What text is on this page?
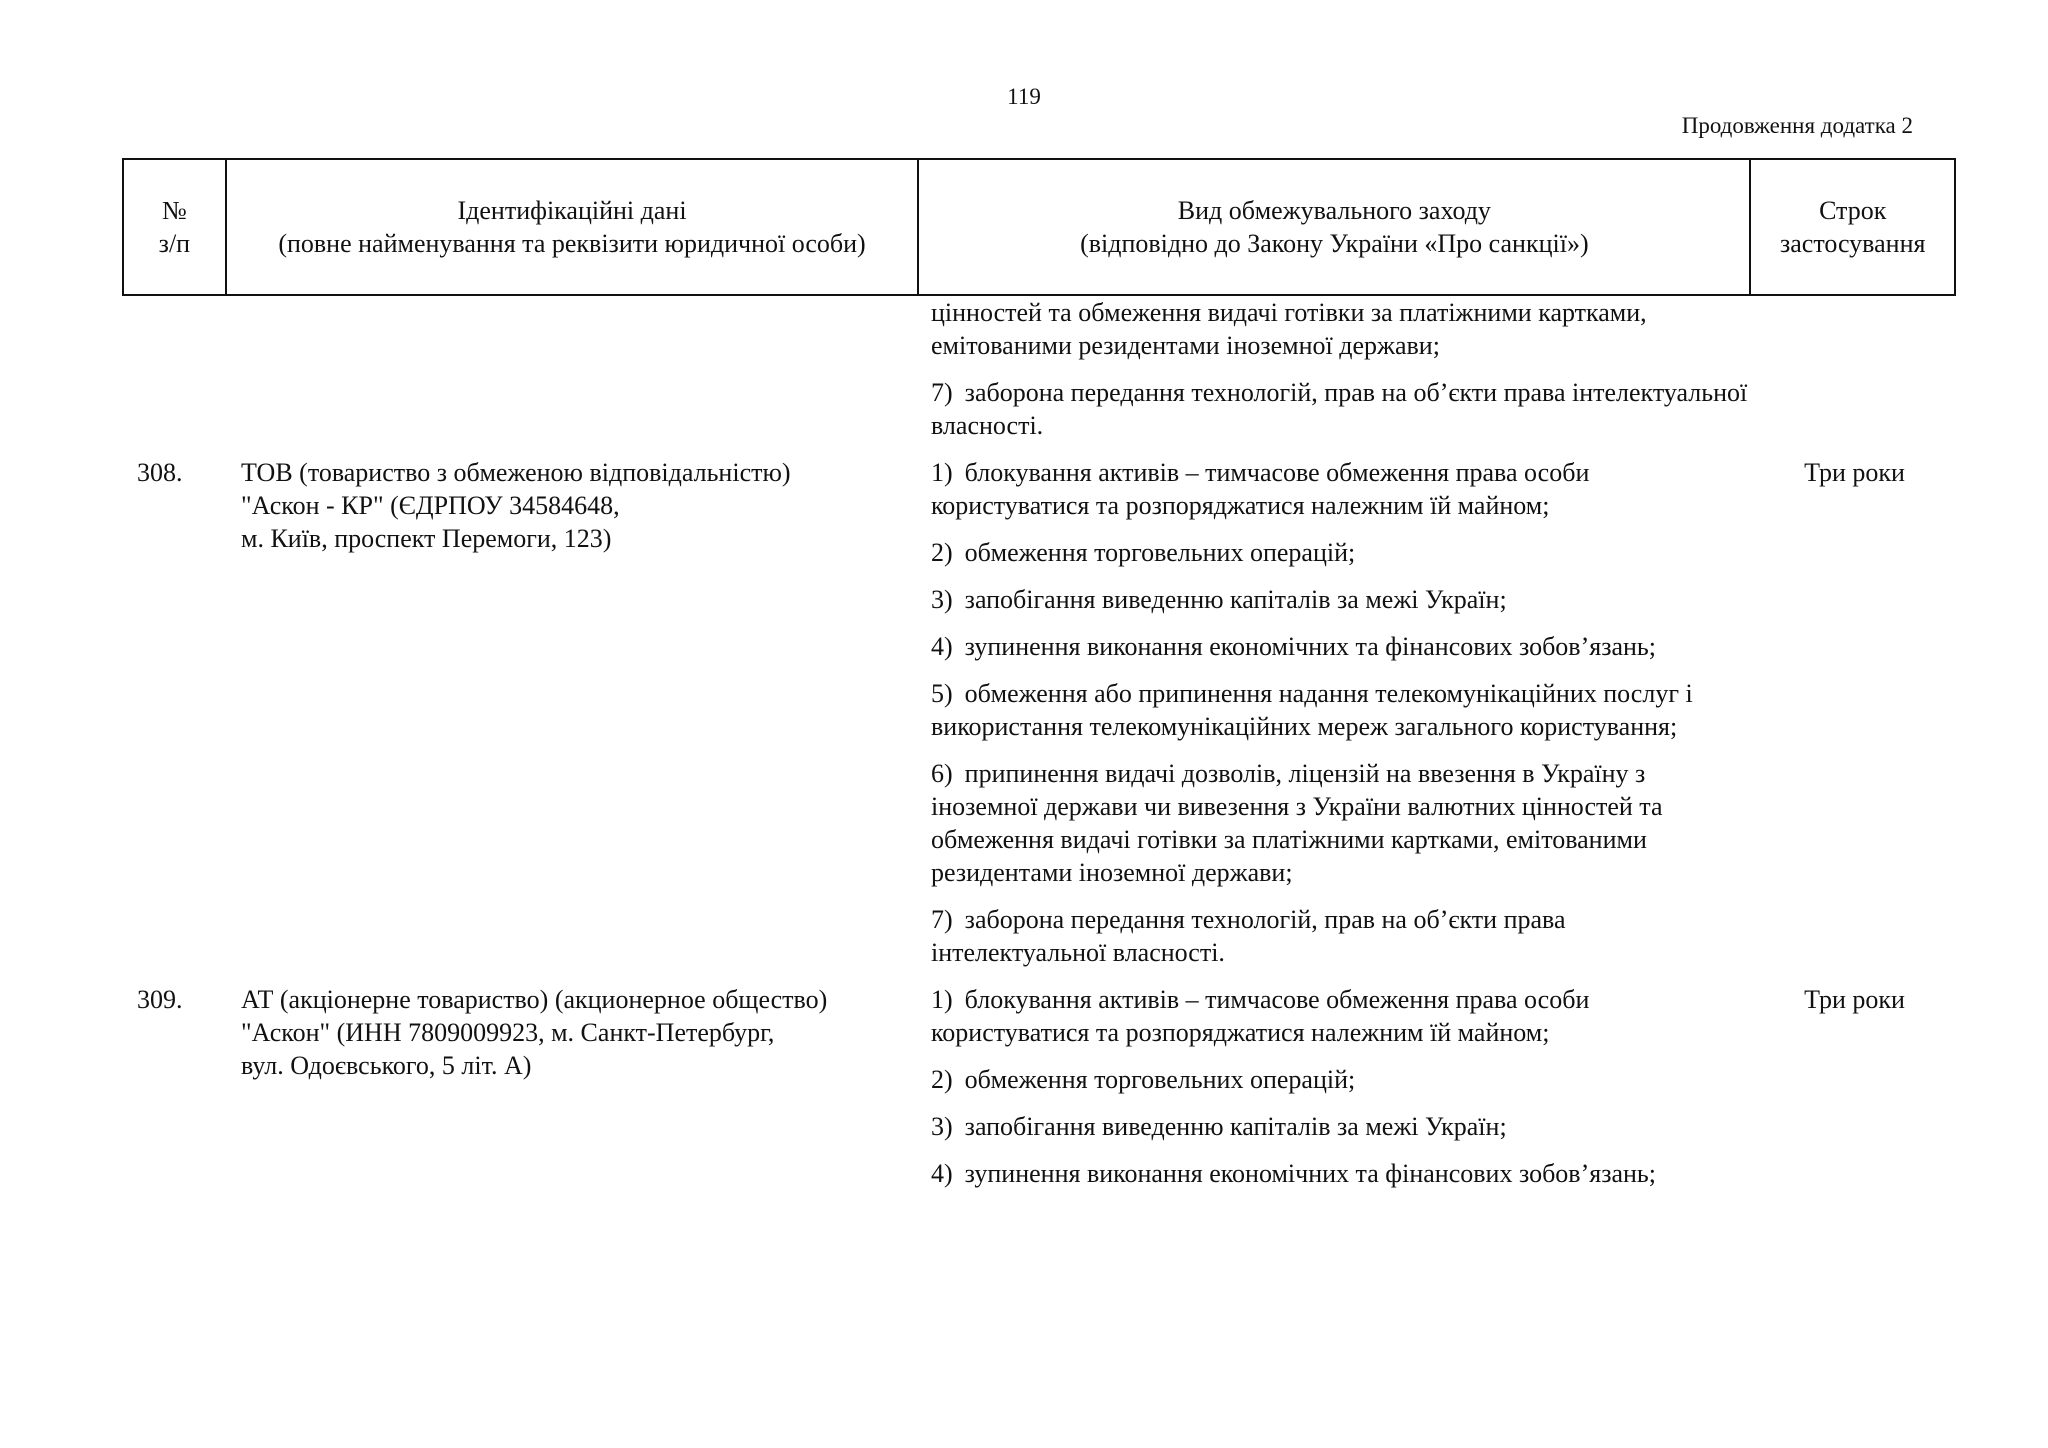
119
Продовження додатка 2
№
з/п
Ідентифікаційні дані
(повне найменування та реквізити юридичної особи)
Вид обмежувального заходу
(відповідно до Закону України «Про санкції»)
Строк
застосування
цінностей та обмеження видачі готівки за платіжними картками, емітованими резидентами іноземної держави;
7) заборона передання технологій, прав на об’єкти права інтелектуальної власності.
308.	ТОВ (товариство з обмеженою відповідальністю)
"Аскон - КР" (ЄДРПОУ 34584648,
м. Київ, проспект Перемоги, 123)
1) блокування активів – тимчасове обмеження права особи користуватися та розпоряджатися належним їй майном;
2) обмеження торговельних операцій;
3) запобігання виведенню капіталів за межі Україн;
4) зупинення виконання економічних та фінансових зобов’язань;
5) обмеження або припинення надання телекомунікаційних послуг і використання телекомунікаційних мереж загального користування;
6) припинення видачі дозволів, ліцензій на ввезення в Україну з іноземної держави чи вивезення з України валютних цінностей та обмеження видачі готівки за платіжними картками, емітованими резидентами іноземної держави;
7) заборона передання технологій, прав на об’єкти права інтелектуальної власності.
Три роки
309.	АТ (акціонерне товариство) (акционерное общество)
"Аскон" (ИНН 7809009923, м. Санкт-Петербург,
вул. Одоєвського, 5 літ. А)
1) блокування активів – тимчасове обмеження права особи користуватися та розпоряджатися належним їй майном;
2) обмеження торговельних операцій;
3) запобігання виведенню капіталів за межі Україн;
4) зупинення виконання економічних та фінансових зобов’язань;
Три роки
